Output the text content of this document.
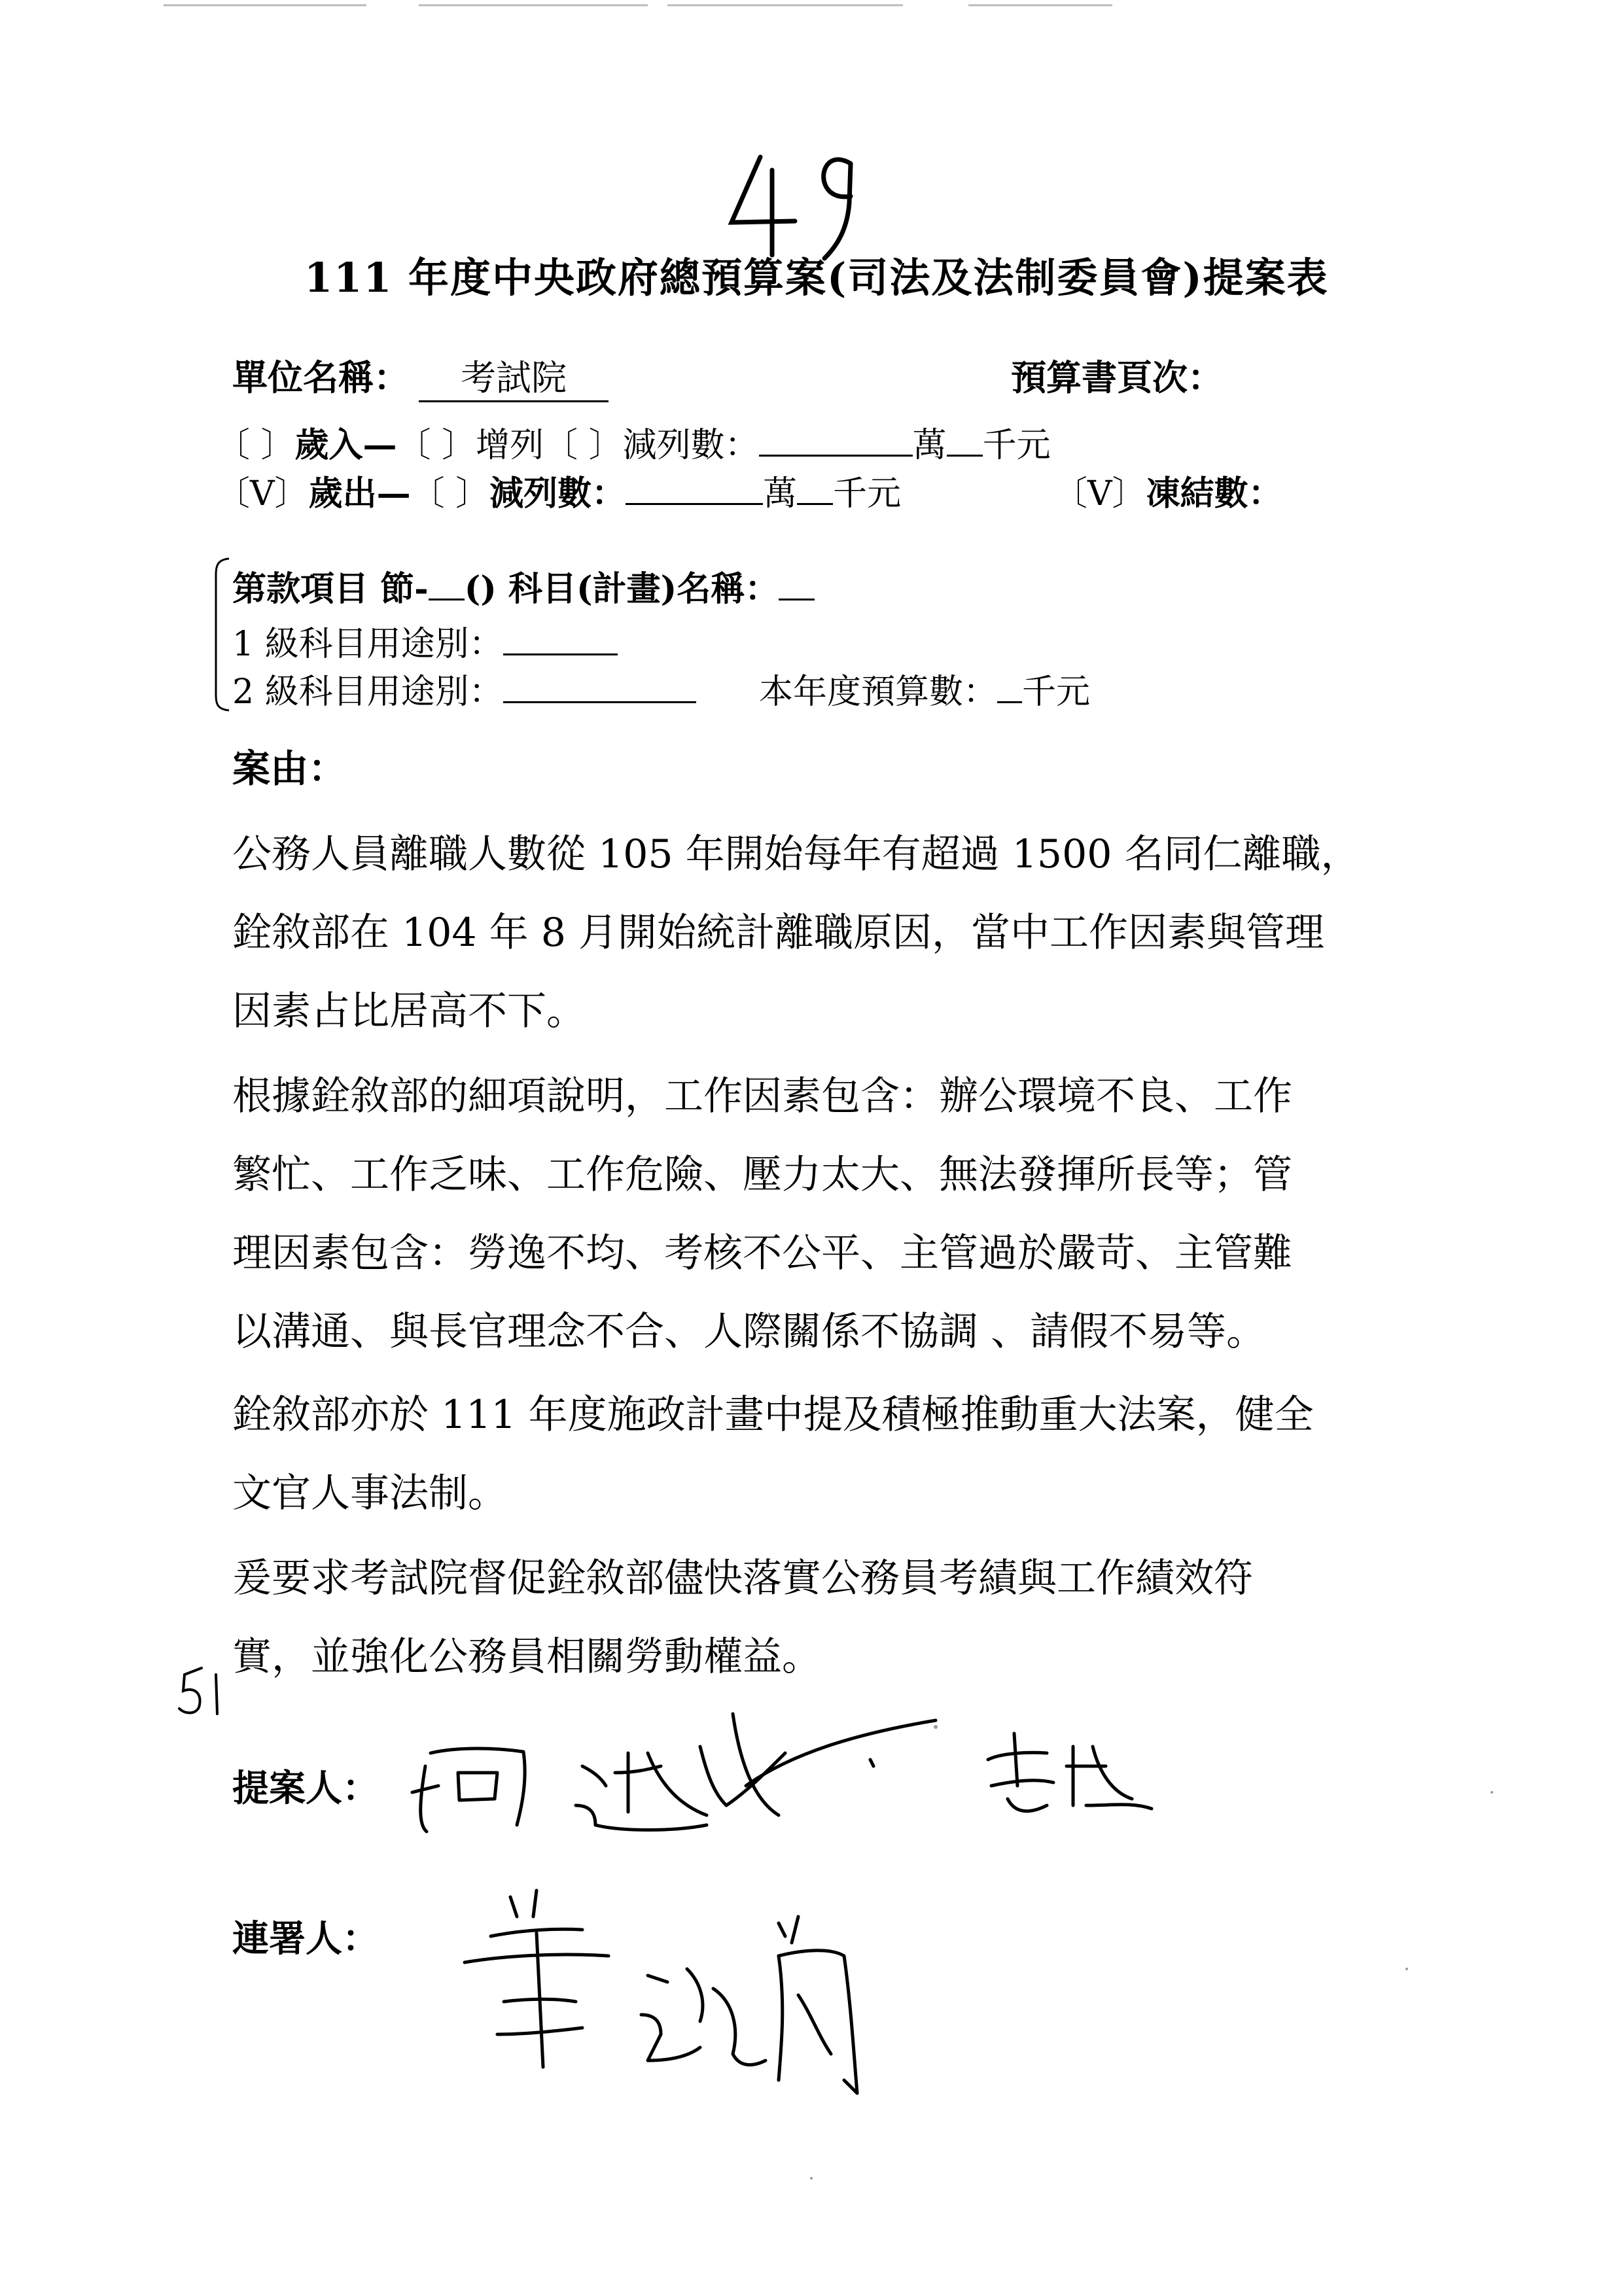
49
111 年度中央政府總預算案(司法及法制委員會)提案表
單位名稱：	考試院	預算書頁次：
〔 〕歲入—〔 〕增列〔 〕減列數：	萬 千元
〔V〕歲出—〔 〕減列數：	萬 千元	〔V〕凍結數：
第款項目 節- () 科目(計畫)名稱：
1 級科目用途別：
2 級科目用途別：	本年度預算數： 千元
案由：
公務人員離職人數從 105 年開始每年有超過 1500 名同仁離職，
銓敘部在 104 年 8 月開始統計離職原因，當中工作因素與管理
因素占比居高不下。
根據銓敘部的細項說明，工作因素包含：辦公環境不良、工作
繁忙、工作乏味、工作危險、壓力太大、無法發揮所長等；管
理因素包含：勞逸不均、考核不公平、主管過於嚴苛、主管難
以溝通、與長官理念不合、人際關係不協調 、請假不易等。
銓敘部亦於 111 年度施政計畫中提及積極推動重大法案，健全
文官人事法制。
爰要求考試院督促銓敘部儘快落實公務員考績與工作績效符
實，並強化公務員相關勞動權益。
提案人：
連署人：
